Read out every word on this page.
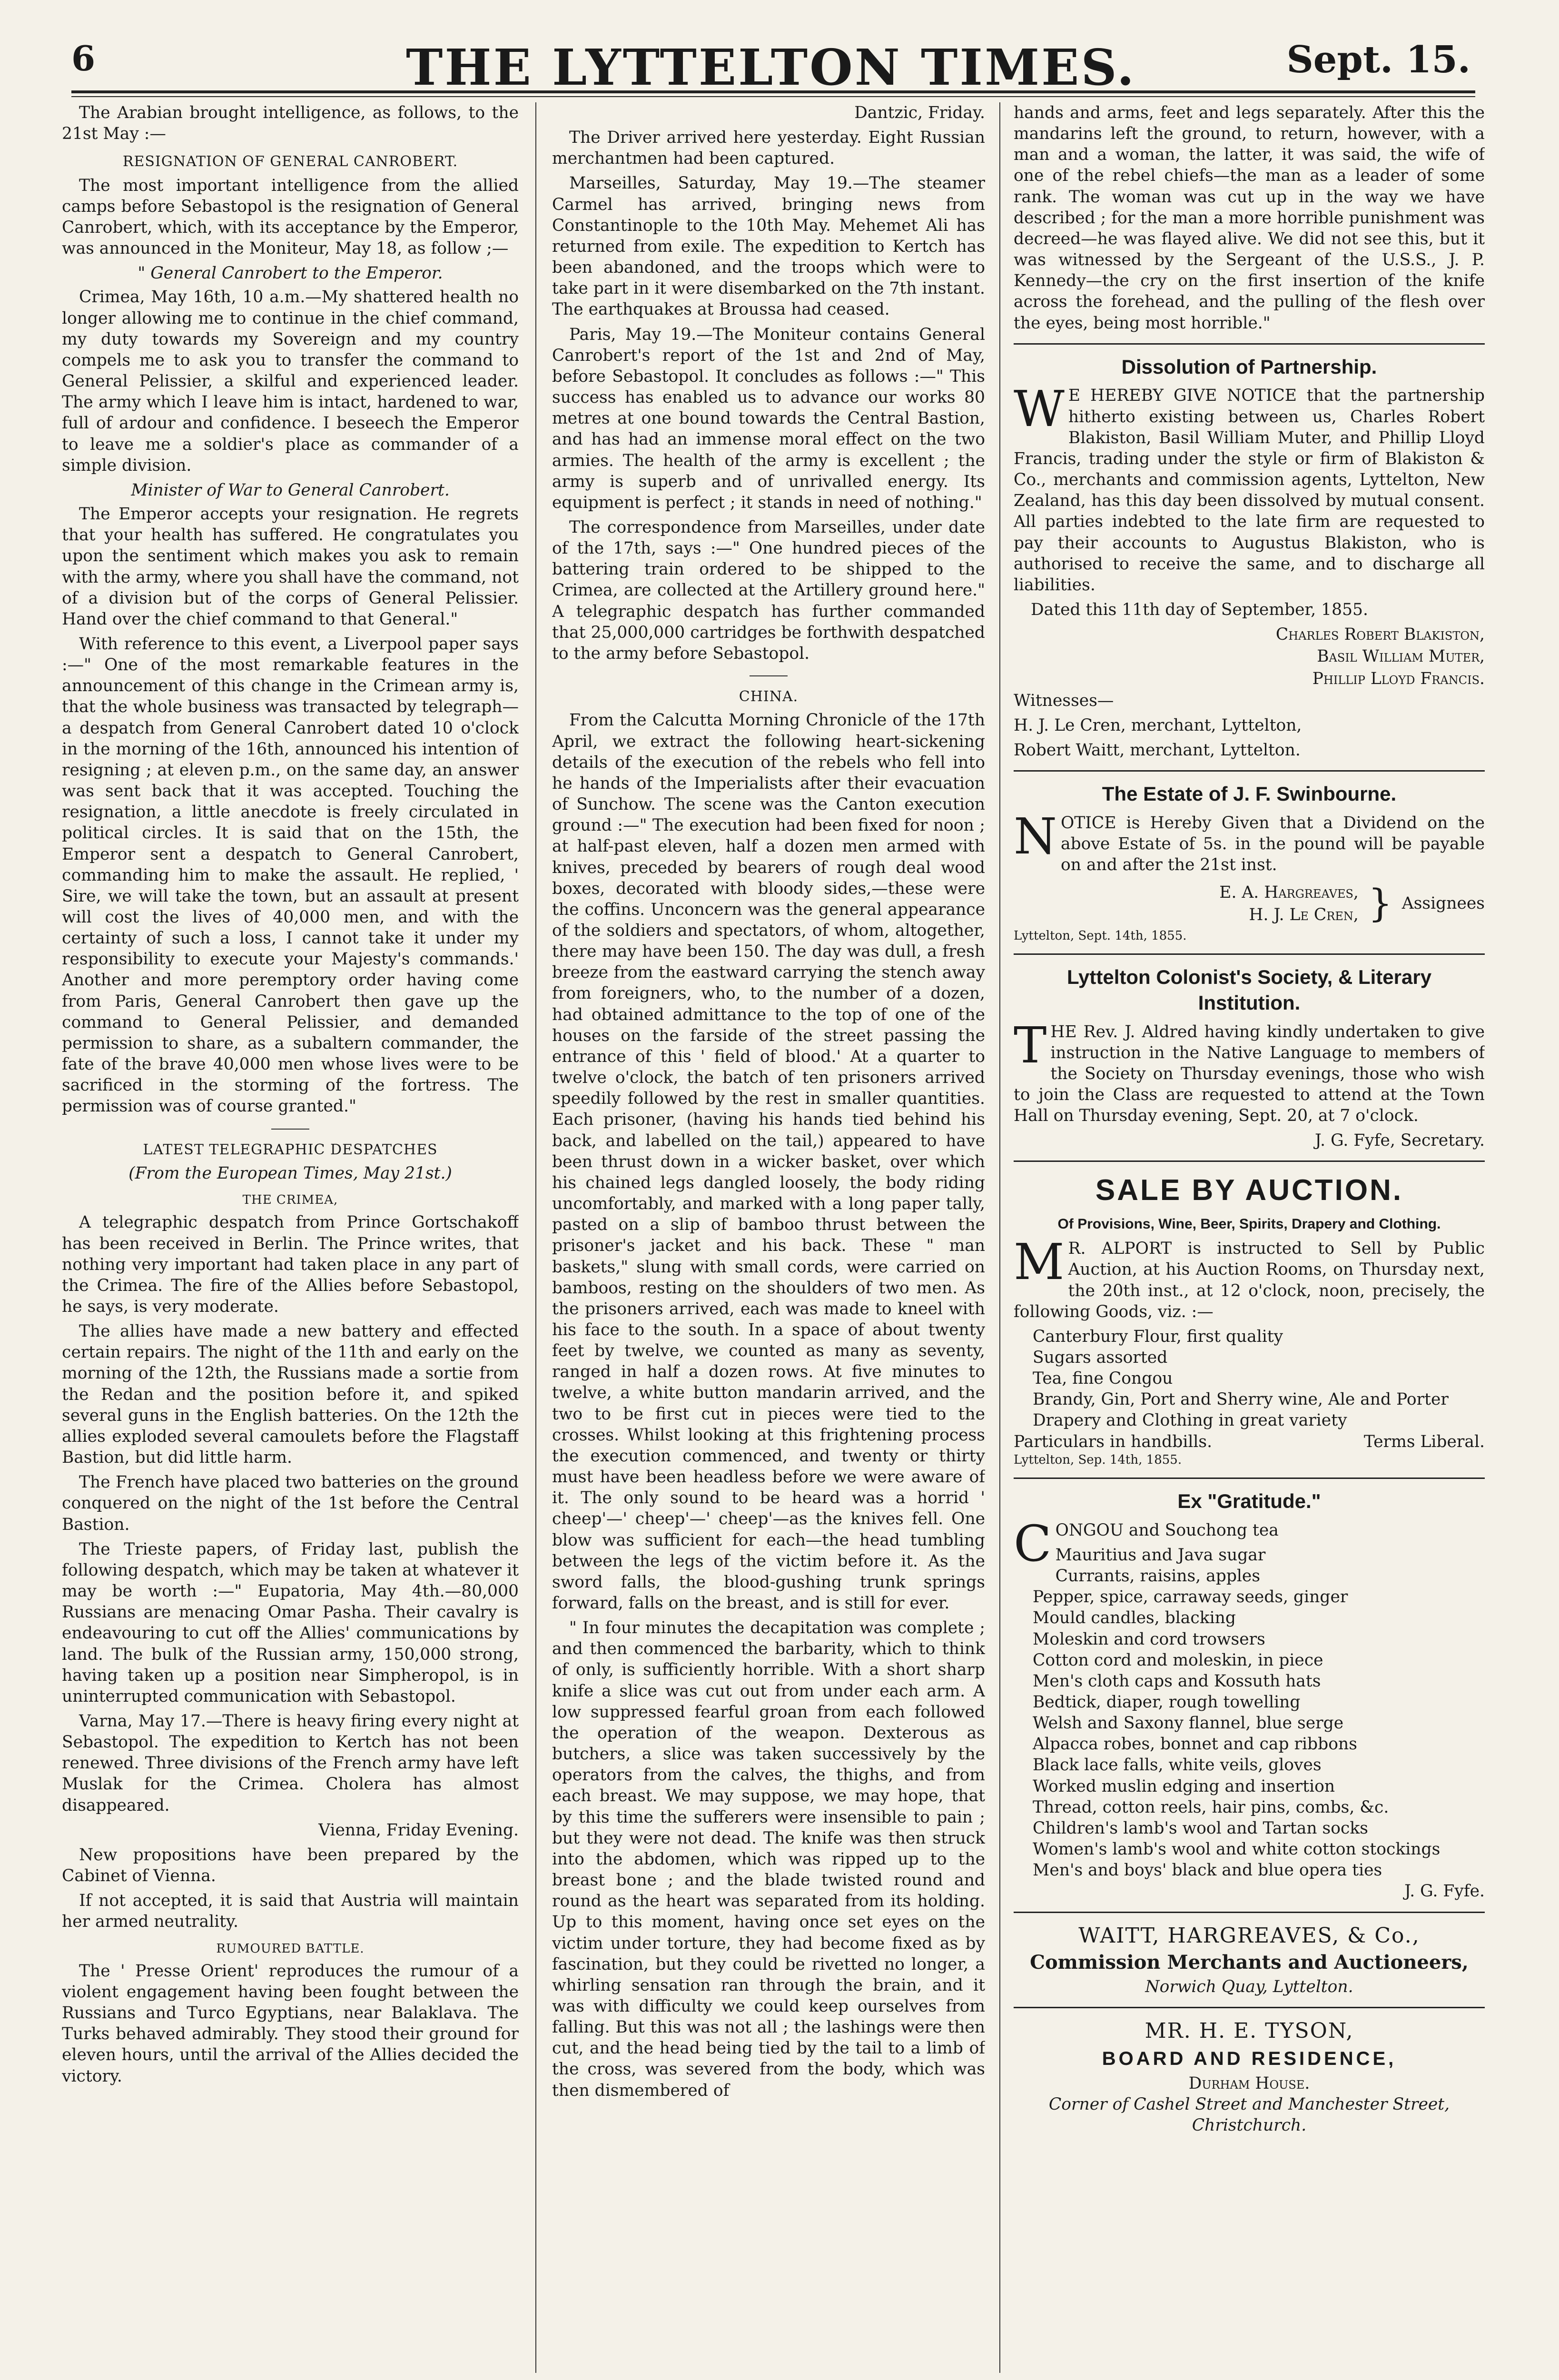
6	THE LYTTELTON TIMES.	Sept. 15.

The Arabian brought intelligence, as follows, to the 21st May :—

RESIGNATION OF GENERAL CANROBERT.

The most important intelligence from the allied camps before Sebastopol is the resignation of General Canrobert, which, with its acceptance by the Emperor, was announced in the Moniteur, May 18, as follow ;—

" General Canrobert to the Emperor.

Crimea, May 16th, 10 a.m.—My shattered health no longer allowing me to continue in the chief command, my duty towards my Sovereign and my country compels me to ask you to transfer the command to General Pelissier, a skilful and experienced leader. The army which I leave him is intact, hardened to war, full of ardour and confidence. I beseech the Emperor to leave me a soldier's place as commander of a simple division.

Minister of War to General Canrobert.

The Emperor accepts your resignation. He regrets that your health has suffered. He congratulates you upon the sentiment which makes you ask to remain with the army, where you shall have the command, not of a division but of the corps of General Pelissier. Hand over the chief command to that General."

With reference to this event, a Liverpool paper says :—" One of the most remarkable features in the announcement of this change in the Crimean army is, that the whole business was transacted by telegraph—a despatch from General Canrobert dated 10 o'clock in the morning of the 16th, announced his intention of resigning ; at eleven p.m., on the same day, an answer was sent back that it was accepted. Touching the resignation, a little anecdote is freely circulated in political circles. It is said that on the 15th, the Emperor sent a despatch to General Canrobert, commanding him to make the assault. He replied, ' Sire, we will take the town, but an assault at present will cost the lives of 40,000 men, and with the certainty of such a loss, I cannot take it under my responsibility to execute your Majesty's commands.' Another and more peremptory order having come from Paris, General Canrobert then gave up the command to General Pelissier, and demanded permission to share, as a subaltern commander, the fate of the brave 40,000 men whose lives were to be sacrificed in the storming of the fortress. The permission was of course granted."

LATEST TELEGRAPHIC DESPATCHES

(From the European Times, May 21st.)

THE CRIMEA,

A telegraphic despatch from Prince Gortschakoff has been received in Berlin. The Prince writes, that nothing very important had taken place in any part of the Crimea. The fire of the Allies before Sebastopol, he says, is very moderate.

The allies have made a new battery and effected certain repairs. The night of the 11th and early on the morning of the 12th, the Russians made a sortie from the Redan and the position before it, and spiked several guns in the English batteries. On the 12th the allies exploded several camoulets before the Flagstaff Bastion, but did little harm.

The French have placed two batteries on the ground conquered on the night of the 1st before the Central Bastion.

The Trieste papers, of Friday last, publish the following despatch, which may be taken at whatever it may be worth :—" Eupatoria, May 4th.—80,000 Russians are menacing Omar Pasha. Their cavalry is endeavouring to cut off the Allies' communications by land. The bulk of the Russian army, 150,000 strong, having taken up a position near Simpheropol, is in uninterrupted communication with Sebastopol.

Varna, May 17.—There is heavy firing every night at Sebastopol. The expedition to Kertch has not been renewed. Three divisions of the French army have left Muslak for the Crimea. Cholera has almost disappeared.

Vienna, Friday Evening.

New propositions have been prepared by the Cabinet of Vienna.

If not accepted, it is said that Austria will maintain her armed neutrality.

RUMOURED BATTLE.

The ' Presse Orient' reproduces the rumour of a violent engagement having been fought between the Russians and Turco Egyptians, near Balaklava. The Turks behaved admirably. They stood their ground for eleven hours, until the arrival of the Allies decided the victory.

Dantzic, Friday.

The Driver arrived here yesterday. Eight Russian merchantmen had been captured.

Marseilles, Saturday, May 19.—The steamer Carmel has arrived, bringing news from Constantinople to the 10th May. Mehemet Ali has returned from exile. The expedition to Kertch has been abandoned, and the troops which were to take part in it were disembarked on the 7th instant. The earthquakes at Broussa had ceased.

Paris, May 19.—The Moniteur contains General Canrobert's report of the 1st and 2nd of May, before Sebastopol. It concludes as follows :—" This success has enabled us to advance our works 80 metres at one bound towards the Central Bastion, and has had an immense moral effect on the two armies. The health of the army is excellent ; the army is superb and of unrivalled energy. Its equipment is perfect ; it stands in need of nothing."

The correspondence from Marseilles, under date of the 17th, says :—" One hundred pieces of the battering train ordered to be shipped to the Crimea, are collected at the Artillery ground here." A telegraphic despatch has further commanded that 25,000,000 cartridges be forthwith despatched to the army before Sebastopol.

CHINA.

From the Calcutta Morning Chronicle of the 17th April, we extract the following heart-sickening details of the execution of the rebels who fell into he hands of the Imperialists after their evacuation of Sunchow. The scene was the Canton execution ground :—" The execution had been fixed for noon ; at half-past eleven, half a dozen men armed with knives, preceded by bearers of rough deal wood boxes, decorated with bloody sides,—these were the coffins. Unconcern was the general appearance of the soldiers and spectators, of whom, altogether, there may have been 150. The day was dull, a fresh breeze from the eastward carrying the stench away from foreigners, who, to the number of a dozen, had obtained admittance to the top of one of the houses on the farside of the street passing the entrance of this ' field of blood.' At a quarter to twelve o'clock, the batch of ten prisoners arrived speedily followed by the rest in smaller quantities. Each prisoner, (having his hands tied behind his back, and labelled on the tail,) appeared to have been thrust down in a wicker basket, over which his chained legs dangled loosely, the body riding uncomfortably, and marked with a long paper tally, pasted on a slip of bamboo thrust between the prisoner's jacket and his back. These " man baskets," slung with small cords, were carried on bamboos, resting on the shoulders of two men. As the prisoners arrived, each was made to kneel with his face to the south. In a space of about twenty feet by twelve, we counted as many as seventy, ranged in half a dozen rows. At five minutes to twelve, a white button mandarin arrived, and the two to be first cut in pieces were tied to the crosses. Whilst looking at this frightening process the execution commenced, and twenty or thirty must have been headless before we were aware of it. The only sound to be heard was a horrid ' cheep'—' cheep'—' cheep'—as the knives fell. One blow was sufficient for each—the head tumbling between the legs of the victim before it. As the sword falls, the blood-gushing trunk springs forward, falls on the breast, and is still for ever.

" In four minutes the decapitation was complete ; and then commenced the barbarity, which to think of only, is sufficiently horrible. With a short sharp knife a slice was cut out from under each arm. A low suppressed fearful groan from each followed the operation of the weapon. Dexterous as butchers, a slice was taken successively by the operators from the calves, the thighs, and from each breast. We may suppose, we may hope, that by this time the sufferers were insensible to pain ; but they were not dead. The knife was then struck into the abdomen, which was ripped up to the breast bone ; and the blade twisted round and round as the heart was separated from its holding. Up to this moment, having once set eyes on the victim under torture, they had become fixed as by fascination, but they could be rivetted no longer, a whirling sensation ran through the brain, and it was with difficulty we could keep ourselves from falling. But this was not all ; the lashings were then cut, and the head being tied by the tail to a limb of the cross, was severed from the body, which was then dismembered of

hands and arms, feet and legs separately. After this the mandarins left the ground, to return, however, with a man and a woman, the latter, it was said, the wife of one of the rebel chiefs—the man as a leader of some rank. The woman was cut up in the way we have described ; for the man a more horrible punishment was decreed—he was flayed alive. We did not see this, but it was witnessed by the Sergeant of the U.S.S., J. P. Kennedy—the cry on the first insertion of the knife across the forehead, and the pulling of the flesh over the eyes, being most horrible."

Dissolution of Partnership.

W E HEREBY GIVE NOTICE that the partnership hitherto existing between us, Charles Robert Blakiston, Basil William Muter, and Phillip Lloyd Francis, trading under the style or firm of Blakiston & Co., merchants and commission agents, Lyttelton, New Zealand, has this day been dissolved by mutual consent. All parties indebted to the late firm are requested to pay their accounts to Augustus Blakiston, who is authorised to receive the same, and to discharge all liabilities.

Dated this 11th day of September, 1855.

Charles Robert Blakiston,

Basil William Muter,

Phillip Lloyd Francis.

Witnesses—

H. J. Le Cren, merchant, Lyttelton,

Robert Waitt, merchant, Lyttelton.

The Estate of J. F. Swinbourne.

N OTICE is Hereby Given that a Dividend on the above Estate of 5s. in the pound will be payable on and after the 21st inst.

E. A. Hargreaves,

H. J. Le Cren, } Assignees

Lyttelton, Sept. 14th, 1855.

Lyttelton Colonist's Society, & Literary Institution.

T HE Rev. J. Aldred having kindly undertaken to give instruction in the Native Language to members of the Society on Thursday evenings, those who wish to join the Class are requested to attend at the Town Hall on Thursday evening, Sept. 20, at 7 o'clock.

J. G. Fyfe, Secretary.

SALE BY AUCTION.

Of Provisions, Wine, Beer, Spirits, Drapery and Clothing.

M R. ALPORT is instructed to Sell by Public Auction, at his Auction Rooms, on Thursday next, the 20th inst., at 12 o'clock, noon, precisely, the following Goods, viz. :—

Canterbury Flour, first quality
Sugars assorted
Tea, fine Congou
Brandy, Gin, Port and Sherry wine, Ale and Porter
Drapery and Clothing in great variety
Particulars in handbills.	Terms Liberal.

Lyttelton, Sep. 14th, 1855.

Ex "Gratitude."

C ONGOU and Souchong tea

Mauritius and Java sugar
Currants, raisins, apples
Pepper, spice, carraway seeds, ginger
Mould candles, blacking
Moleskin and cord trowsers
Cotton cord and moleskin, in piece
Men's cloth caps and Kossuth hats
Bedtick, diaper, rough towelling
Welsh and Saxony flannel, blue serge
Alpacca robes, bonnet and cap ribbons
Black lace falls, white veils, gloves
Worked muslin edging and insertion
Thread, cotton reels, hair pins, combs, &c.
Children's lamb's wool and Tartan socks
Women's lamb's wool and white cotton stockings
Men's and boys' black and blue opera ties

J. G. Fyfe.

WAITT, HARGREAVES, & Co.,

Commission Merchants and Auctioneers,

Norwich Quay, Lyttelton.

MR. H. E. TYSON,

BOARD AND RESIDENCE,

Durham House.

Corner of Cashel Street and Manchester Street, Christchurch.
